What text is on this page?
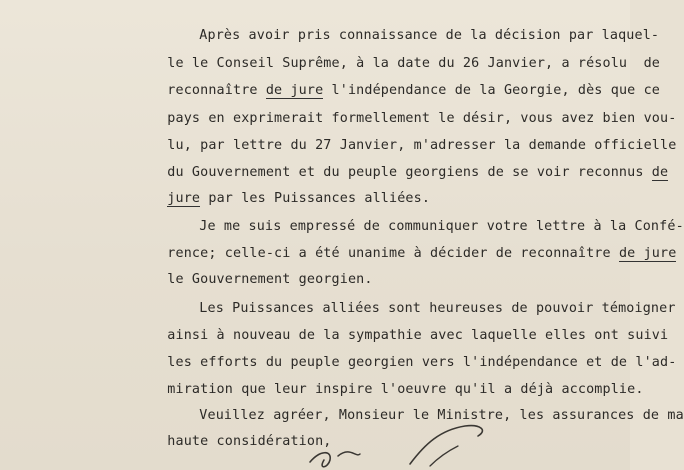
Après avoir pris connaissance de la décision par laquel-

le le Conseil Suprême, à la date du 26 Janvier, a résolu  de

reconnaître de jure l'indépendance de la Georgie, dès que ce

pays en exprimerait formellement le désir, vous avez bien vou-

lu, par lettre du 27 Janvier, m'adresser la demande officielle

du Gouvernement et du peuple georgiens de se voir reconnus de

jure par les Puissances alliées.

Je me suis empressé de communiquer votre lettre à la Confé-

rence; celle-ci a été unanime à décider de reconnaître de jure

le Gouvernement georgien.

Les Puissances alliées sont heureuses de pouvoir témoigner

ainsi à nouveau de la sympathie avec laquelle elles ont suivi

les efforts du peuple georgien vers l'indépendance et de l'ad-

miration que leur inspire l'oeuvre qu'il a déjà accomplie.

Veuillez agréer, Monsieur le Ministre, les assurances de ma

haute considération,
